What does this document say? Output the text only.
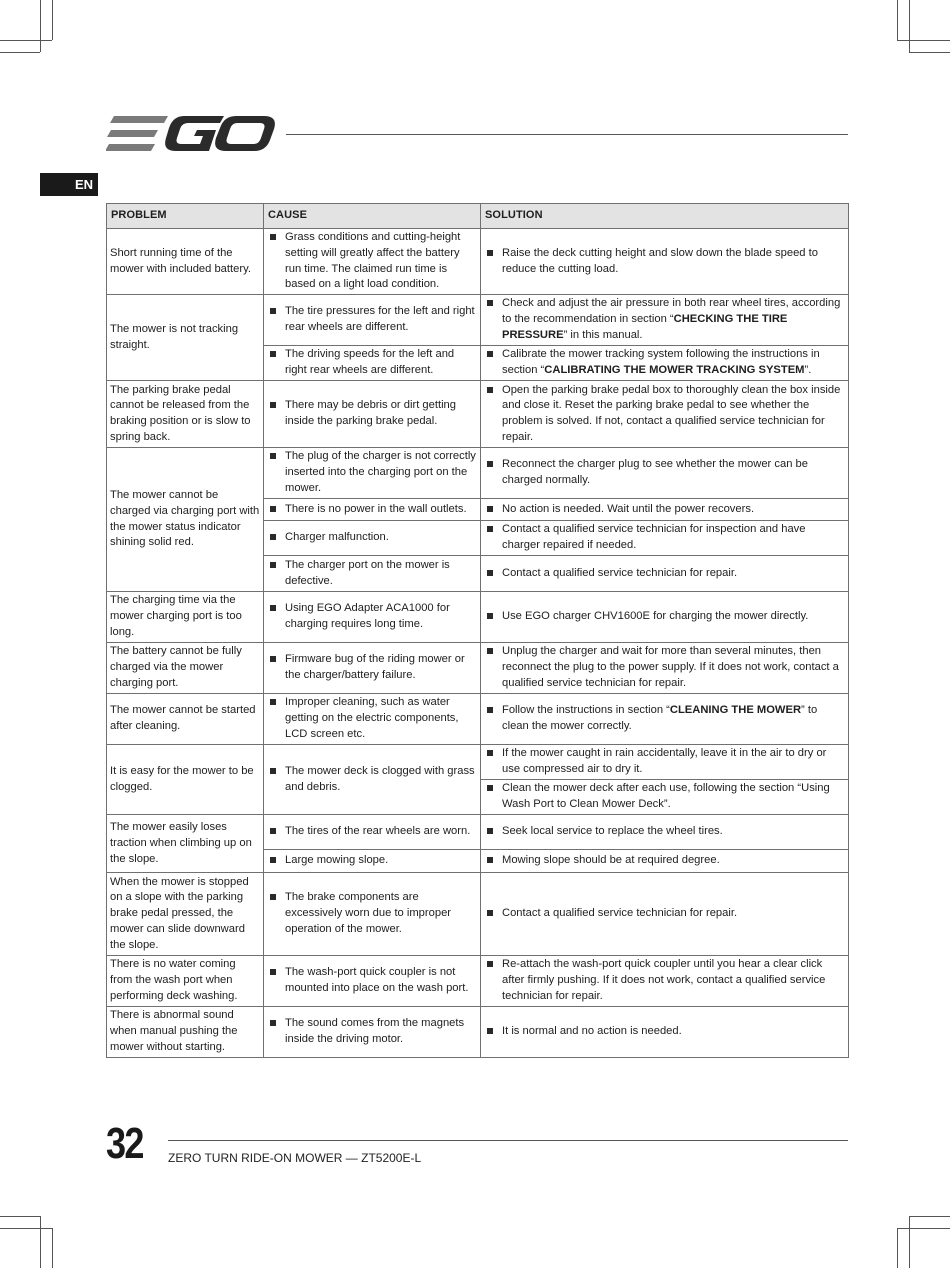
EN
PROBLEM	CAUSE	SOLUTION
Short running time of the mower with included battery.	Grass conditions and cutting-height setting will greatly affect the battery run time. The claimed run time is based on a light load condition.	Raise the deck cutting height and slow down the blade speed to reduce the cutting load.

The mower is not tracking straight.	The tire pressures for the left and right rear wheels are different.	Check and adjust the air pressure in both rear wheel tires, according to the recommendation in section “CHECKING THE TIRE PRESSURE” in this manual.

	The driving speeds for the left and right rear wheels are different.	Calibrate the mower tracking system following the instructions in section “CALIBRATING THE MOWER TRACKING SYSTEM”.

The parking brake pedal cannot be released from the braking position or is slow to spring back.	There may be debris or dirt getting inside the parking brake pedal.	Open the parking brake pedal box to thoroughly clean the box inside and close it. Reset the parking brake pedal to see whether the problem is solved. If not, contact a qualified service technician for repair.

The mower cannot be charged via charging port with the mower status indicator shining solid red.	The plug of the charger is not correctly inserted into the charging port on the mower.	Reconnect the charger plug to see whether the mower can be charged normally.

	There is no power in the wall outlets.	No action is needed. Wait until the power recovers.

	Charger malfunction.	Contact a qualified service technician for inspection and have charger repaired if needed.

	The charger port on the mower is defective.	Contact a qualified service technician for repair.

The charging time via the mower charging port is too long.	Using EGO Adapter ACA1000 for charging requires long time.	Use EGO charger CHV1600E for charging the mower directly.

The battery cannot be fully charged via the mower charging port.	Firmware bug of the riding mower or the charger/battery failure.	Unplug the charger and wait for more than several minutes, then reconnect the plug to the power supply. If it does not work, contact a qualified service technician for repair.

The mower cannot be started after cleaning.	Improper cleaning, such as water getting on the electric components, LCD screen etc.	Follow the instructions in section “CLEANING THE MOWER” to clean the mower correctly.

It is easy for the mower to be clogged.	The mower deck is clogged with grass and debris.	If the mower caught in rain accidentally, leave it in the air to dry or use compressed air to dry it.

		Clean the mower deck after each use, following the section “Using Wash Port to Clean Mower Deck”.

The mower easily loses traction when climbing up on the slope.	The tires of the rear wheels are worn.	Seek local service to replace the wheel tires.

	Large mowing slope.	Mowing slope should be at required degree.

When the mower is stopped on a slope with the parking brake pedal pressed, the mower can slide downward the slope.	The brake components are excessively worn due to improper operation of the mower.	Contact a qualified service technician for repair.

There is no water coming from the wash port when performing deck washing.	The wash-port quick coupler is not mounted into place on the wash port.	Re-attach the wash-port quick coupler until you hear a clear click after firmly pushing. If it does not work, contact a qualified service technician for repair.

There is abnormal sound when manual pushing the mower without starting.	The sound comes from the magnets inside the driving motor.	It is normal and no action is needed.
32 ZERO TURN RIDE-ON MOWER — ZT5200E-L
